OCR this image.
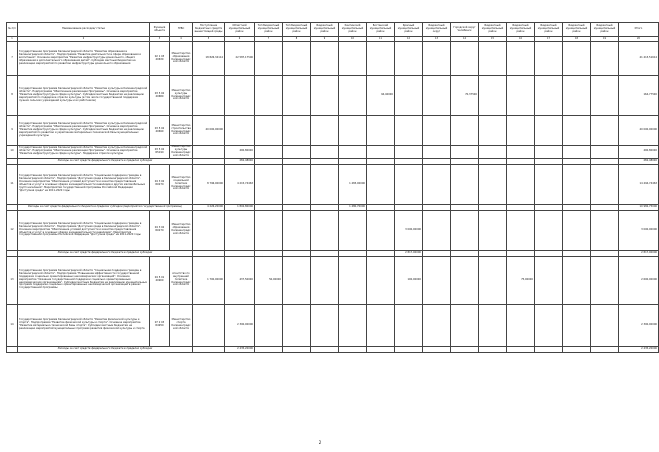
№ п/п	Наименование расходов/ статьи	Функция объекта	ГРБС	Поступление бюджетных средств вышестоящей среды	Областной муниципальный район	Тип Бюджетный муниципальный район	Тип Бюджетный муниципальный район	Бюджетный муниципальный район	Кантинский муниципальный район	Бостанский муниципальный район	Красный муниципальный район	Бюджетный муниципальный округ	Городской округ Челябинск	Бюджетный муниципальный район	Бюджетный муниципальный район	Бюджетный муниципальный район	Бюджетный муниципальный район	Бюджетный муниципальный район	Итого
1	2	3	4	5	6	7	8	9	10	11	12	13	14	15	16	17	18	19	20
7	Государственная программа Калининградской области "Развитие образования в Калининградской области". Подпрограмма "Развитие деятельности в сфере образования и воспитания". Основное мероприятие "Развитие инфраструктуры дошкольного, общего образования и дополнительного образования детей". Субсидии местным бюджетам на реализацию мероприятий по развитию инфраструктуры дошкольного образования	02 1 03 40630	Министерство образования Калининградской области	18 826,34114	22 587,17500														41 413,51614
8	Государственная программа Калининградской области "Развитие культуры в Калининградской области". Подпрограмма "Обеспечение реализации Программы". Основное мероприятие "Развитие инфраструктуры в сфере культуры". Субсидии местным бюджетам на реализацию мероприятий по поддержке отрасли культуры (в том числе государственной поддержки лучших сельских учреждений культуры и их работников)	03 5 02 40680	Министерство культуры Калининградской области							94,40000			70,37500						164,77500
9	Государственная программа Калининградской области "Развитие культуры в Калининградской области". Подпрограмма "Обеспечение реализации Программы". Основное мероприятие "Развитие инфраструктуры в сфере культуры". Субсидии местным бюджетам на реализацию мероприятий по развитию и укреплению материально-технической базы муниципальных учреждений культуры	03 5 02 40690	Министерство строительства Калининградской области	40 000,00000															40 000,00000
10	Государственная программа Калининградской области "Развитие культуры в Калининградской области". Подпрограмма "Обеспечение реализации Программы". Основное мероприятие "Развитие инфраструктуры в сфере культуры". Поддержка отрасли культуры	03 5 02 R5190	Министерство культуры Калининградской области		490,80000														490,80000
	Расходы за счет средств федерального бюджета в пределах субсидии				282,48000														282,48000
11	Государственная программа Калининградской области "Социальная поддержка граждан в Калининградской области". Подпрограмма "Доступная среда в Калининградской области". Основное мероприятие "Обеспечение условий доступности и качества предоставления объектов и услуг в основных сферах жизнедеятельности инвалидов и других маломобильных групп населения". Мероприятия государственной программы Российской Федерации "Доступная среда" на 2011-2020 годы	04 3 02 R0270	Министерство социальной политики Калининградской области	8 796,00000	4 215,74463				1 483,00000										14 494,74463
	Расходы за счет средств федерального бюджета в пределах субсидии (мероприятия государственной программы)			4 226,20000	1 802,80000				1 480,70000										10 982,75000
12	Государственная программа Калининградской области "Социальная поддержка граждан в Калининградской области". Подпрограмма "Доступная среда в Калининградской области". Основное мероприятие "Обеспечение условий доступности и качества предоставления объектов и услуг в основных сферах жизнедеятельности инвалидов". Мероприятия государственной программы Российской Федерации "Доступная среда" на 2011-2020 годы	04 3 02 R0270	Министерство образования Калининградской области								3 000,00000								3 000,00000
	Расходы за счет средств федерального бюджета в пределах субсидии										2 817,00000								2 817,00000
13	Государственная программа Калининградской области "Социальная поддержка граждан в Калининградской области". Подпрограмма "Повышение эффективности государственной поддержки социально ориентированных некоммерческих организаций". Основное мероприятие "Оказание государственной поддержки социально ориентированным некоммерческим организациям". Субсидии местным бюджетам на реализацию муниципальных программ поддержки социально ориентированных некоммерческих организаций в рамках государственной программы	04 5 01 40900	Агентство по внутренней политике Калининградской области	1 700,00000	437,50000	50,00000					100,00000				75,00000				2 600,00000
14	Государственная программа Калининградской области "Развитие физической культуры и спорта". Подпрограмма "Развитие физической культуры и спорта". Основное мероприятие "Развитие материально-технической базы спорта". Субсидии местным бюджетам на реализацию мероприятий муниципальных программ развития физической культуры и спорта	07 2 03 R4950	Министерство спорта Калининградской области		2 300,00000														2 300,00000
	Расходы за счет средств федерального бюджета в пределах субсидии				2 435,20000														2 435,20000
2
